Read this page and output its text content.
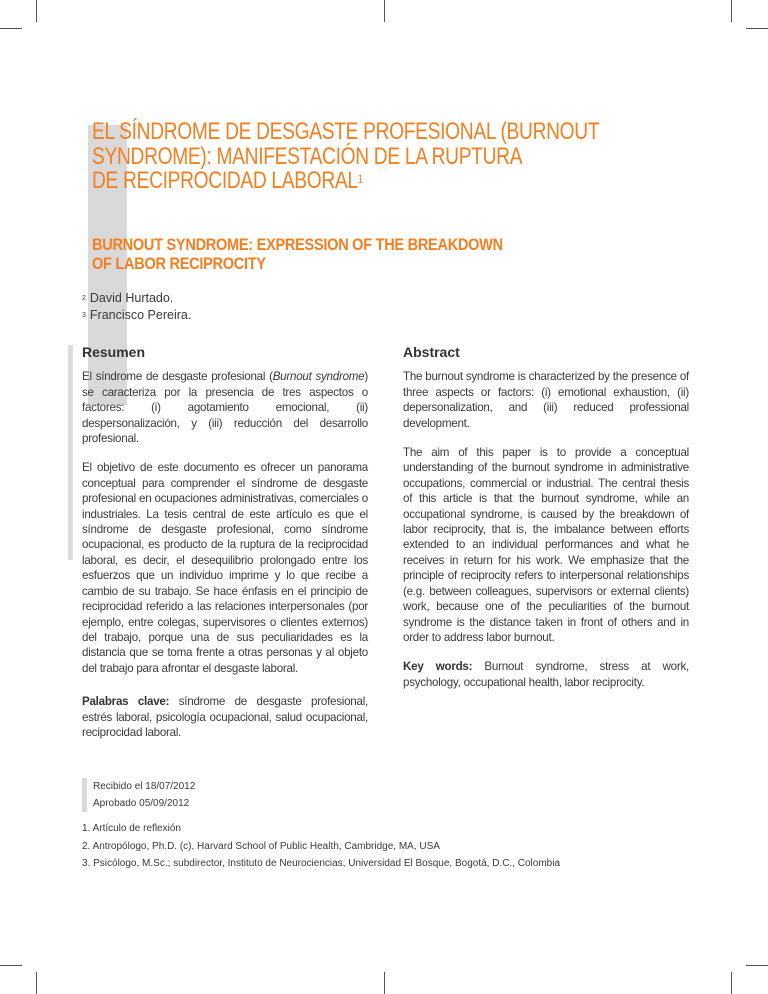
EL SÍNDROME DE DESGASTE PROFESIONAL (BURNOUT
SYNDROME): MANIFESTACIÓN DE LA RUPTURA
DE RECIPROCIDAD LABORAL$^1$
BURNOUT SYNDROME: EXPRESSION OF THE BREAKDOWN
OF LABOR RECIPROCITY
$^2$ David Hurtado.
$^3$ Francisco Pereira.
Resumen

El síndrome de desgaste profesional (Burnout syndrome) se caracteriza por la presencia de tres aspectos o factores: (i) agotamiento emocional, (ii) despersonalización, y (iii) reducción del desarrollo profesional.

El objetivo de este documento es ofrecer un panorama conceptual para comprender el síndrome de desgaste profesional en ocupaciones administrativas, comerciales o industriales. La tesis central de este artículo es que el síndrome de desgaste profesional, como síndrome ocupacional, es producto de la ruptura de la reciprocidad laboral, es decir, el desequilibrio prolongado entre los esfuerzos que un individuo imprime y lo que recibe a cambio de su trabajo. Se hace énfasis en el principio de reciprocidad referido a las relaciones interpersonales (por ejemplo, entre colegas, supervisores o clientes externos) del trabajo, porque una de sus peculiaridades es la distancia que se toma frente a otras personas y al objeto del trabajo para afrontar el desgaste laboral.

Palabras clave: síndrome de desgaste profesional, estrés laboral, psicología ocupacional, salud ocupacional, reciprocidad laboral.

Abstract

The burnout syndrome is characterized by the presence of three aspects or factors: (i) emotional exhaustion, (ii) depersonalization, and (iii) reduced professional development.

The aim of this paper is to provide a conceptual understanding of the burnout syndrome in administrative occupations, commercial or industrial. The central thesis of this article is that the burnout syndrome, while an occupational syndrome, is caused by the breakdown of labor reciprocity, that is, the imbalance between efforts extended to an individual performances and what he receives in return for his work. We emphasize that the principle of reciprocity refers to interpersonal relationships (e.g. between colleagues, supervisors or external clients) work, because one of the peculiarities of the burnout syndrome is the distance taken in front of others and in order to address labor burnout.

Key words: Burnout syndrome, stress at work, psychology, occupational health, labor reciprocity.

Recibido el 18/07/2012
Aprobado 05/09/2012
1. Artículo de reflexión
2. Antropólogo, Ph.D. (c), Harvard School of Public Health, Cambridge, MA, USA
3. Psicólogo, M.Sc.; subdirector, Instituto de Neurociencias, Universidad El Bosque, Bogotá, D.C., Colombia
